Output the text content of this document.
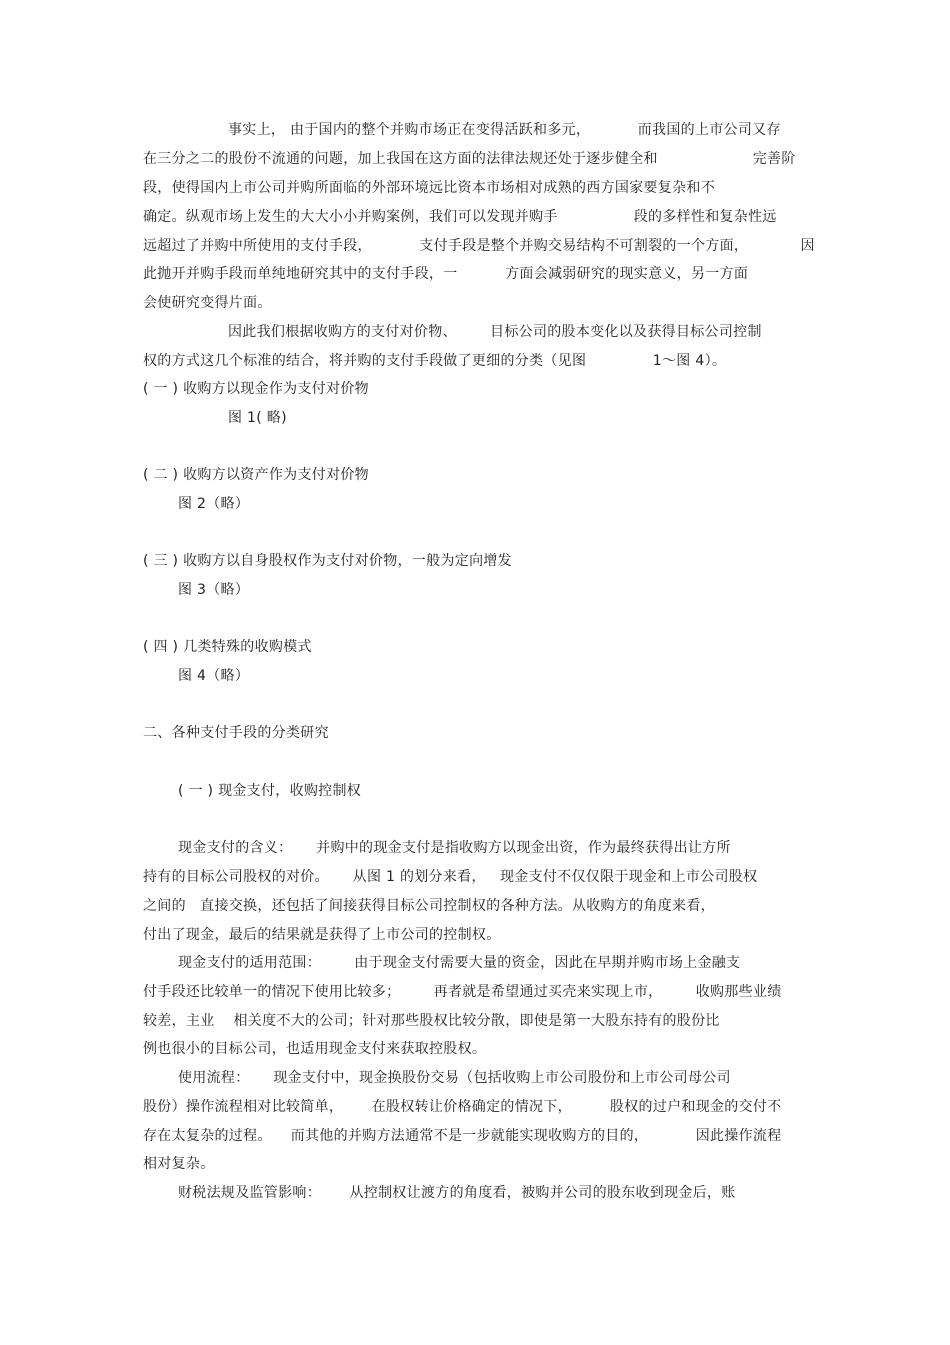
事实上， 由于国内的整个并购市场正在变得活跃和多元，          而我国的上市公司又存
在三分之二的股份不流通的问题，加上我国在这方面的法律法规还处于逐步健全和                    完善阶
段，使得国内上市公司并购所面临的外部环境远比资本市场相对成熟的西方国家要复杂和不
确定。纵观市场上发生的大大小小并购案例，我们可以发现并购手                段的多样性和复杂性远
远超过了并购中所使用的支付手段，          支付手段是整个并购交易结构不可割裂的一个方面，           因
此抛开并购手段而单纯地研究其中的支付手段，一          方面会减弱研究的现实意义，另一方面
会使研究变得片面。
因此我们根据收购方的支付对价物、       目标公司的股本变化以及获得目标公司控制
权的方式这几个标准的结合，将并购的支付手段做了更细的分类（见图              1～图 4）。
( 一 ) 收购方以现金作为支付对价物
图 1( 略)
( 二 ) 收购方以资产作为支付对价物
图 2（略）
( 三 ) 收购方以自身股权作为支付对价物，一般为定向增发
图 3（略）
( 四 ) 几类特殊的收购模式
图 4（略）
二、各种支付手段的分类研究
( 一 ) 现金支付，收购控制权
现金支付的含义：     并购中的现金支付是指收购方以现金出资，作为最终获得出让方所
持有的目标公司股权的对价。     从图 1 的划分来看，   现金支付不仅仅限于现金和上市公司股权
之间的   直接交换，还包括了间接获得目标公司控制权的各种方法。从收购方的角度来看，
付出了现金，最后的结果就是获得了上市公司的控制权。
现金支付的适用范围：       由于现金支付需要大量的资金，因此在早期并购市场上金融支
付手段还比较单一的情况下使用比较多；       再者就是希望通过买壳来实现上市，       收购那些业绩
较差，主业    相关度不大的公司；针对那些股权比较分散，即使是第一大股东持有的股份比
例也很小的目标公司，也适用现金支付来获取控股权。
使用流程：     现金支付中，现金换股份交易（包括收购上市公司股份和上市公司母公司
股份）操作流程相对比较简单，      在股权转让价格确定的情况下，        股权的过户和现金的交付不
存在太复杂的过程。    而其他的并购方法通常不是一步就能实现收购方的目的，          因此操作流程
相对复杂。
财税法规及监管影响：      从控制权让渡方的角度看，被购并公司的股东收到现金后，账
